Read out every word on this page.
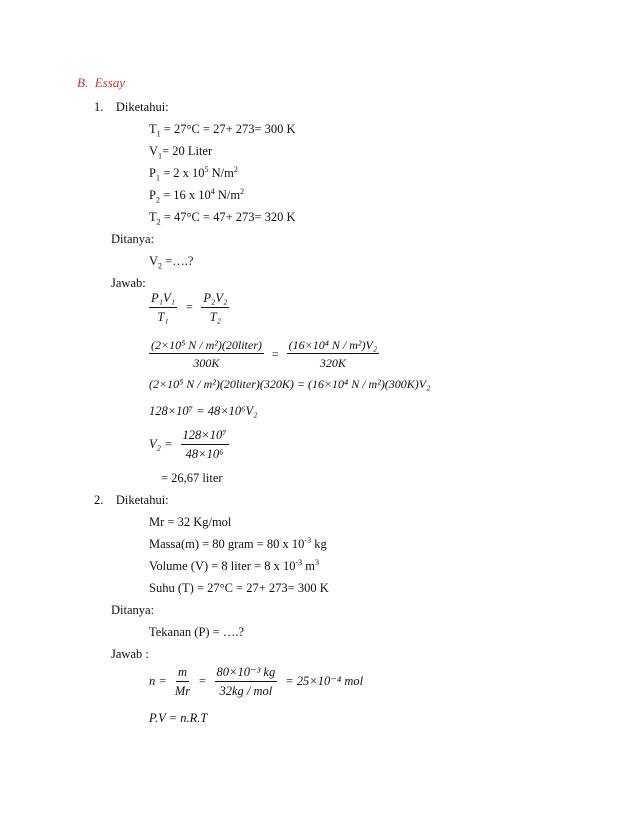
B. Essay
1. Diketahui:
$T_1 = 27^\circ C = 27+ 273= 300$ K
$V_1= 20$ Liter
$P_1 = 2$ x $10^5$ $N/m^2$
$P_2 = 16$ x $10^4$ $N/m^2$
$T_2 = 47^\circ C = 47+ 273= 320$ K
Ditanya:
$V_2$ =….?
Jawab:
$\frac{\text{P₁V₁}}{\text{T₁}} = \frac{\text{P₂V₂}}{\text{T₂}}$
$\frac{\text{(2×10⁵ N / m²)(20liter)}}{300K} = \frac{\text{(16×10⁴ N / m²)V₂}}{320K}$
(2×10⁵ N / m²)(20liter)(320K) = (16×10⁴ N / m²)(300K)V₂
128×10⁷ = 48×10⁶V₂
$V_2 = \frac{\text{128×10⁷}}{\text{48×10⁶}}$
= 26,67 liter
2. Diketahui:
Mr = 32 Kg/mol
Massa(m) = 80 gram = 80 x $10^{-3}$ kg
Volume (V) = 8 liter = 8 x $10^{-3}$ $m^3$
Suhu (T) = 27°C = 27+ 273= 300 K
Ditanya:
Tekanan (P) = ….?
Jawab :
$n = \frac{m}{Mr} = \frac{\text{80×10⁻³ kg}}{\text{32kg / mol}} = 25\times 10^{-4}$ mol
P.V = n.R.T
